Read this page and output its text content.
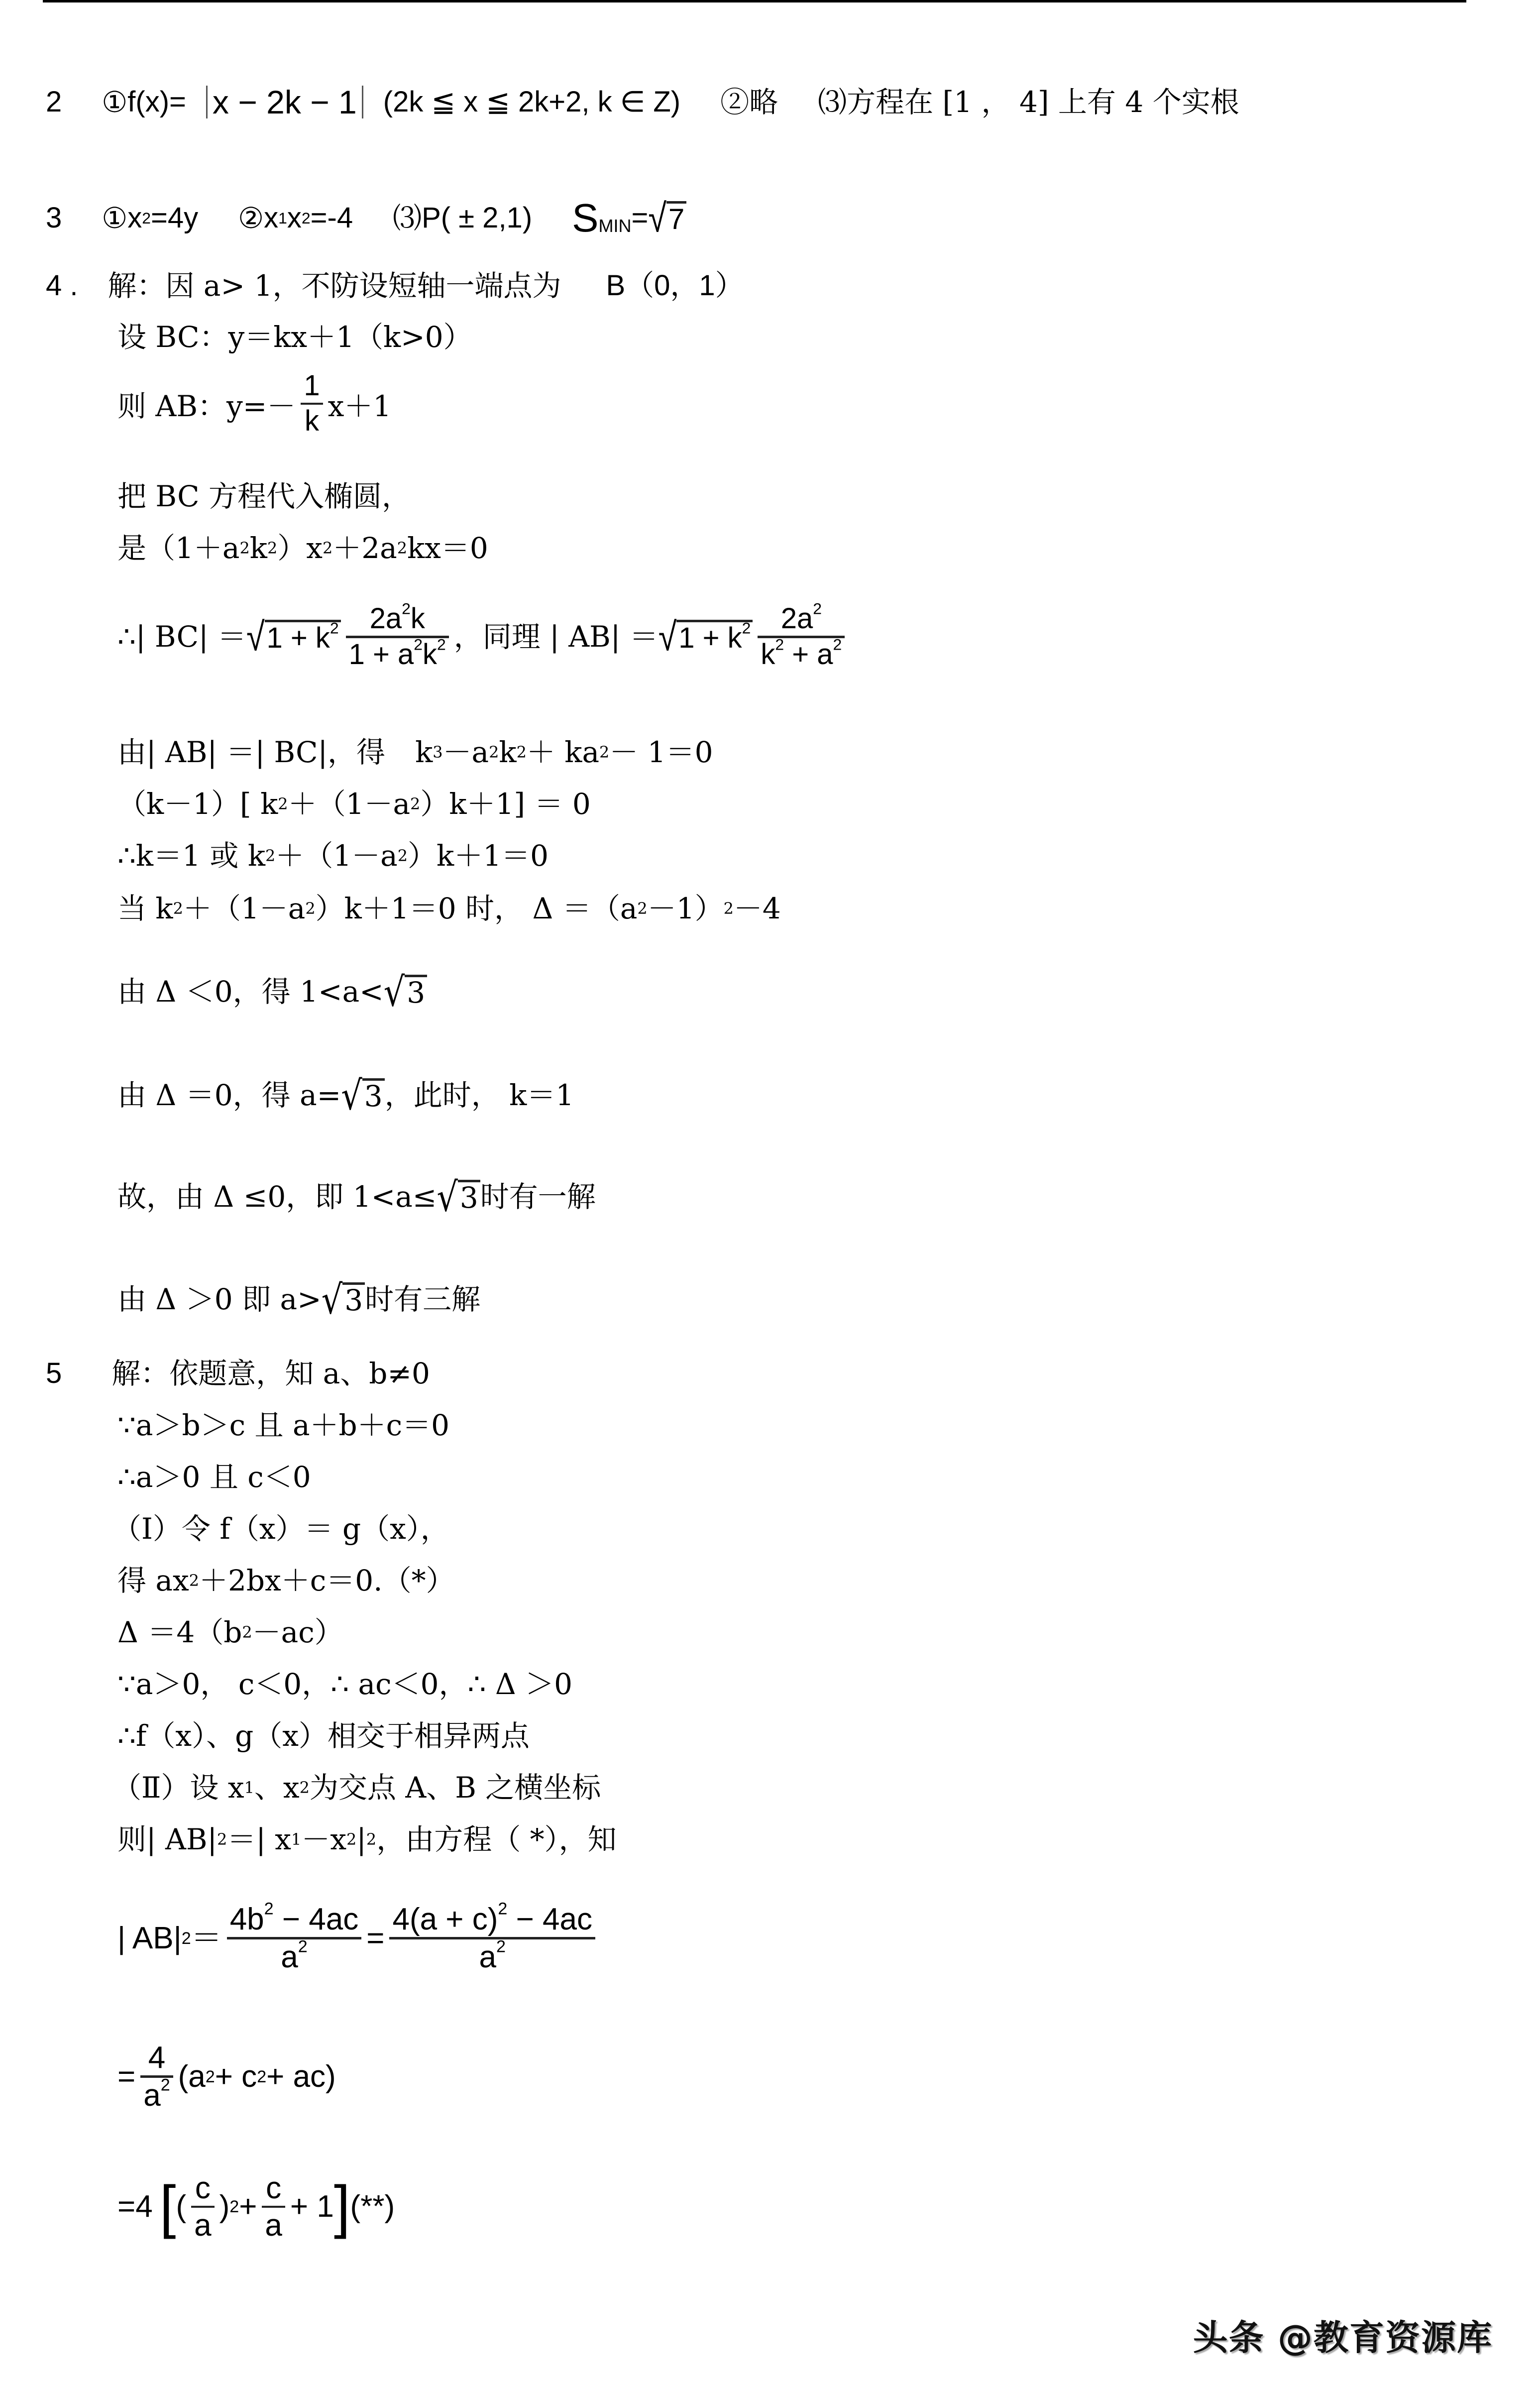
2 ① f(x)= x − 2k − 1 (2k ≦ x ≦ 2k+2, k ∈ Z) ②略 ⑶ 方程在 [1 ， 4] 上有 4 个实根
3 ① x 2 =4y ② x 1 x 2 =-4 ⑶ P( ± 2,1) S MIN = √ 7
4 . 解：因 a> 1，不防设短轴一端点为 B（0，1）
设 BC：y＝kx＋1（k>0）
则 AB：$y=- \frac{1}{k} x+1$
把 BC 方程代入椭圆，
是（1＋a 2 k 2 ）x 2 ＋2a 2 kx＝0
∴| BC| ＝ √ $1 + k^2$ $2a^2k$
$1 + a^2k^2$ ，同理 | AB| ＝ √ $1 + k^2$ $2a^2$
$k^2 + a^2$
由| AB| ＝| BC|，得 k 3 －a 2 k 2 ＋ ka 2 － 1＝0
（k－1）[ k 2 ＋（1－a 2 ）k＋1] ＝ 0
∴k＝1 或 k 2 ＋（1－a 2 ）k＋1＝0
当 k 2 ＋（1－a 2 ）k＋1＝0 时， Δ ＝（a 2 －1） 2 －4
由 Δ ＜0，得 1<a< √ 3
由 Δ ＝0，得 a= √ 3 ，此时， k＝1
故，由 Δ ≤0，即 1<a≤ √ 3 时有一解
由 Δ ＞0 即 a> √ 3 时有三解
5 解：依题意，知 a、b≠0
∵a＞b＞c 且 a＋b＋c＝0
∴a＞0 且 c＜0
（Ⅰ）令 f（x）＝ g（x），
得 ax 2 ＋2bx＋c＝0.（*）
Δ ＝4（b 2 －ac）
∵a＞0， c＜0，∴ ac＜0，∴ Δ ＞0
∴f（x）、g（x）相交于相异两点
（Ⅱ）设 x 1 、x 2 为交点 A、B 之横坐标
则| AB| 2 ＝| x 1 －x 2 | 2 ，由方程（ *），知
| AB| 2 ＝
$4b^2 - 4ac$
$a^2$ =
$4(a + c)^2 - 4ac$
$a^2$
=
4
$a^2$ (a 2 + c 2 + ac)
=4 [ ( $\frac{c}{a}$ ) $2 + \frac{c}{a} + 1$ ] (**)
头条 @教育资源库
